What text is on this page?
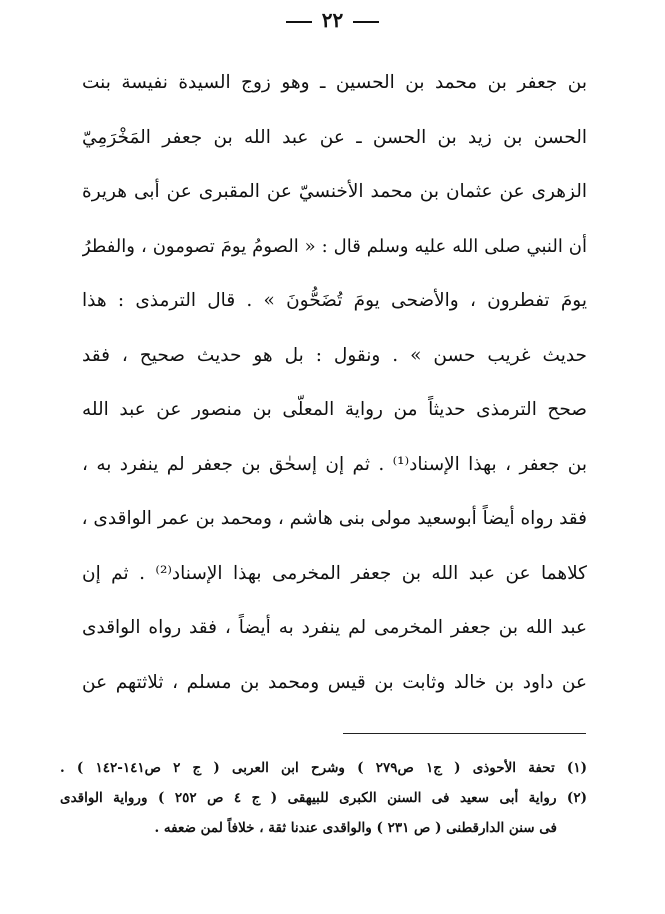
٢٢
بن جعفر بن محمد بن الحسين ـ وهو زوج السيدة نفيسة بنت
الحسن بن زيد بن الحسن ـ عن عبد الله بن جعفر المَخْرَمِيّ
الزهرى عن عثمان بن محمد الأخنسيّ عن المقبرى عن أبى هريرة
أن النبي صلى الله عليه وسلم قال : « الصومُ يومَ تصومون ، والفطرُ
يومَ تفطرون ، والأضحى يومَ تُضَحُّونَ » . قال الترمذى : هذا
حديث غريب حسن » . ونقول : بل هو حديث صحيح ، فقد
صحح الترمذى حديثاً من رواية المعلّى بن منصور عن عبد الله
بن جعفر ، بهذا الإسناد⁽¹⁾ . ثم إن إسحٰق بن جعفر لم ينفرد به ،
فقد رواه أيضاً أبوسعيد مولى بنى هاشم ، ومحمد بن عمر الواقدى ،
كلاهما عن عبد الله بن جعفر المخرمى بهذا الإسناد⁽²⁾ . ثم إن
عبد الله بن جعفر المخرمى لم ينفرد به أيضاً ، فقد رواه الواقدى
عن داود بن خالد وثابت بن قيس ومحمد بن مسلم ، ثلاثتهم عن
(١) تحفة الأحوذى ( ج١ ص٢٧٩ ) وشرح ابن العربى ( ج ٢ ص١٤١-١٤٢ ) .
(٢) رواية أبى سعيد فى السنن الكبرى للبيهقى ( ج ٤ ص ٢٥٢ ) ورواية الواقدى
فى سنن الدارقطنى ( ص ٢٣١ ) والواقدى عندنا ثقة ، خلافاً لمن ضعفه .
